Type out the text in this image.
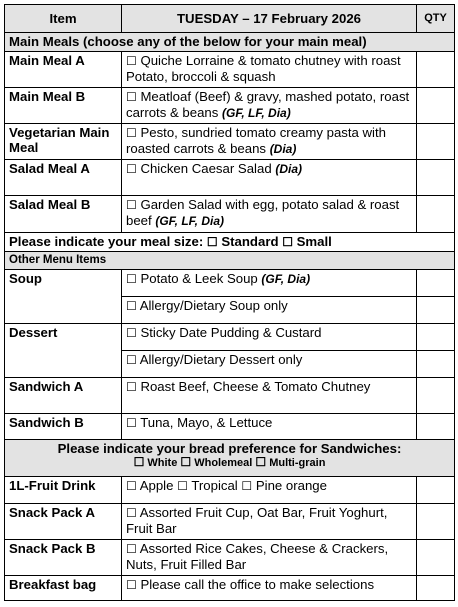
Item	TUESDAY – 17 February 2026	QTY
Main Meals (choose any of the below for your main meal)		
Main Meal A	☐ Quiche Lorraine & tomato chutney with roast Potato, broccoli & squash	
Main Meal B	☐ Meatloaf (Beef) & gravy, mashed potato, roast carrots & beans (GF, LF, Dia)	
Vegetarian Main Meal	☐ Pesto, sundried tomato creamy pasta with roasted carrots & beans (Dia)	
Salad Meal A	☐ Chicken Caesar Salad (Dia)	
Salad Meal B	☐ Garden Salad with egg, potato salad & roast beef (GF, LF, Dia)	
Please indicate your meal size: ☐ Standard ☐ Small		
Other Menu Items		
Soup	☐ Potato & Leek Soup (GF, Dia)	
	☐ Allergy/Dietary Soup only	
Dessert	☐ Sticky Date Pudding & Custard	
	☐ Allergy/Dietary Dessert only	
Sandwich A	☐ Roast Beef, Cheese & Tomato Chutney	
Sandwich B	☐ Tuna, Mayo, & Lettuce	

Please indicate your bread preference for Sandwiches:
☐ White ☐ Wholemeal ☐ Multi-grain		

1L-Fruit Drink	☐ Apple ☐ Tropical ☐ Pine orange	
Snack Pack A	☐ Assorted Fruit Cup, Oat Bar, Fruit Yoghurt, Fruit Bar	
Snack Pack B	☐ Assorted Rice Cakes, Cheese & Crackers, Nuts, Fruit Filled Bar	
Breakfast bag	☐ Please call the office to make selections	
